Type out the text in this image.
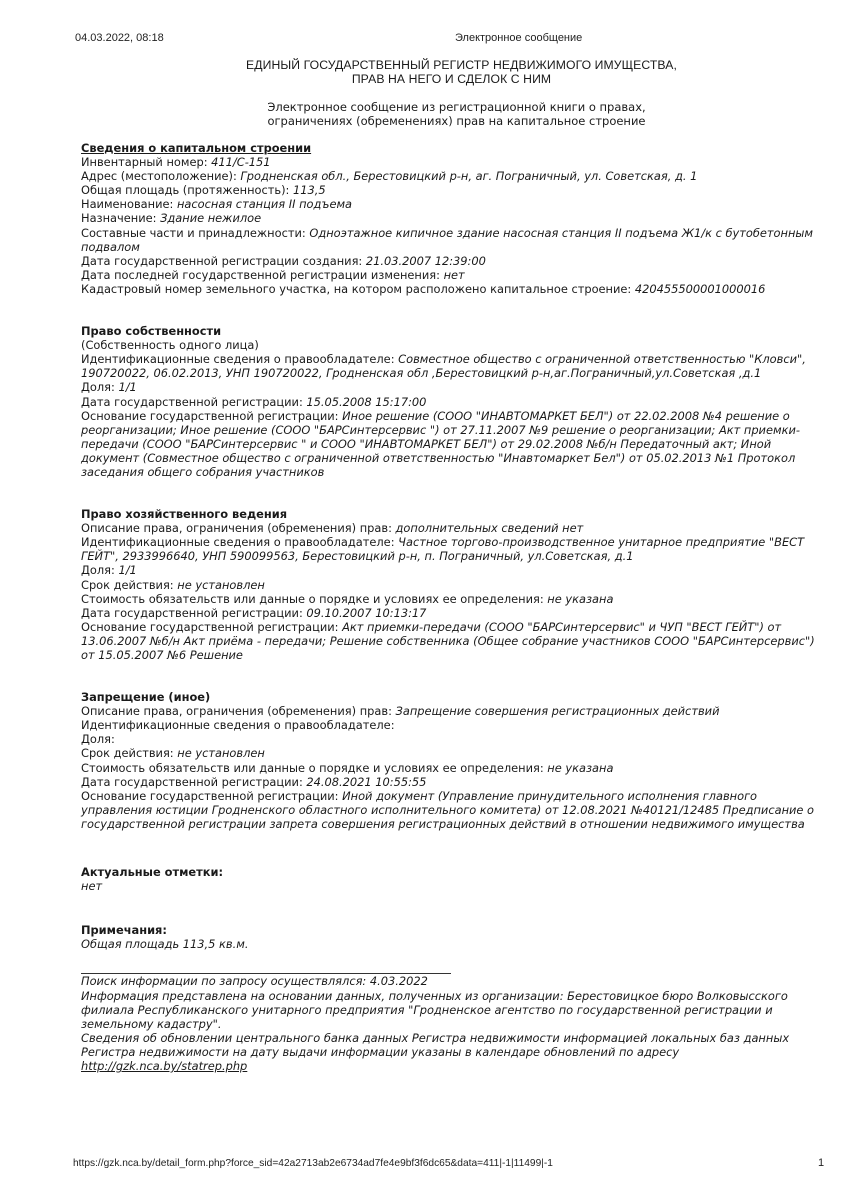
04.03.2022, 08:18	Электронное сообщение
ЕДИНЫЙ ГОСУДАРСТВЕННЫЙ РЕГИСТР НЕДВИЖИМОГО ИМУЩЕСТВА,
ПРАВ НА НЕГО И СДЕЛОК С НИМ
Электронное сообщение из регистрационной книги о правах,
ограничениях (обременениях) прав на капитальное строение
Сведения о капитальном строении
Инвентарный номер: 411/С-151
Адрес (местоположение): Гродненская обл., Берестовицкий р-н, аг. Пограничный, ул. Советская, д. 1
Общая площадь (протяженность): 113,5
Наименование: насосная станция II подъема
Назначение: Здание нежилое
Составные части и принадлежности: Одноэтажное кипичное здание насосная станция II подъема Ж1/к с бутобетонным подвалом
Дата государственной регистрации создания: 21.03.2007 12:39:00
Дата последней государственной регистрации изменения: нет
Кадастровый номер земельного участка, на котором расположено капитальное строение: 420455500001000016
Право собственности
(Собственность одного лица)
Идентификационные сведения о правообладателе: Совместное общество с ограниченной ответственностью "Кловси", 190720022, 06.02.2013, УНП 190720022, Гродненская обл ,Берестовицкий р-н,аг.Пограничный,ул.Советская ,д.1
Доля: 1/1
Дата государственной регистрации: 15.05.2008 15:17:00
Основание государственной регистрации: Иное решение (СООО "ИНАВТОМАРКЕТ БЕЛ") от 22.02.2008 №4 решение о реорганизации; Иное решение (СООО "БАРСинтерсервис ") от 27.11.2007 №9 решение о реорганизации; Акт приемки-передачи (СООО "БАРСинтерсервис " и СООО "ИНАВТОМАРКЕТ БЕЛ") от 29.02.2008 №б/н Передаточный акт; Иной документ (Совместное общество с ограниченной ответственностью "Инавтомаркет Бел") от 05.02.2013 №1 Протокол заседания общего собрания участников
Право хозяйственного ведения
Описание права, ограничения (обременения) прав: дополнительных сведений нет
Идентификационные сведения о правообладателе: Частное торгово-производственное унитарное предприятие "ВЕСТ ГЕЙТ", 2933996640, УНП 590099563, Берестовицкий р-н, п. Пограничный, ул.Советская, д.1
Доля: 1/1
Срок действия: не установлен
Стоимость обязательств или данные о порядке и условиях ее определения: не указана
Дата государственной регистрации: 09.10.2007 10:13:17
Основание государственной регистрации: Акт приемки-передачи (СООО "БАРСинтерсервис" и ЧУП "ВЕСТ ГЕЙТ") от 13.06.2007 №б/н Акт приёма - передачи; Решение собственника (Общее собрание участников СООО "БАРСинтерсервис") от 15.05.2007 №6 Решение
Запрещение (иное)
Описание права, ограничения (обременения) прав: Запрещение совершения регистрационных действий
Идентификационные сведения о правообладателе:
Доля:
Срок действия: не установлен
Стоимость обязательств или данные о порядке и условиях ее определения: не указана
Дата государственной регистрации: 24.08.2021 10:55:55
Основание государственной регистрации: Иной документ (Управление принудительного исполнения главного управления юстиции Гродненского областного исполнительного комитета) от 12.08.2021 №40121/12485 Предписание о государственной регистрации запрета совершения регистрационных действий в отношении недвижимого имущества
Актуальные отметки:
нет
Примечания:
Общая площадь 113,5 кв.м.
Поиск информации по запросу осуществлялся: 4.03.2022
Информация представлена на основании данных, полученных из организации: Берестовицкое бюро Волковысского филиала Республиканского унитарного предприятия "Гродненское агентство по государственной регистрации и земельному кадастру".
Сведения об обновлении центрального банка данных Регистра недвижимости информацией локальных баз данных Регистра недвижимости на дату выдачи информации указаны в календаре обновлений по адресу
http://gzk.nca.by/statrep.php
https://gzk.nca.by/detail_form.php?force_sid=42a2713ab2e6734ad7fe4e9bf3f6dc65&data=411|-1|11499|-1	1
